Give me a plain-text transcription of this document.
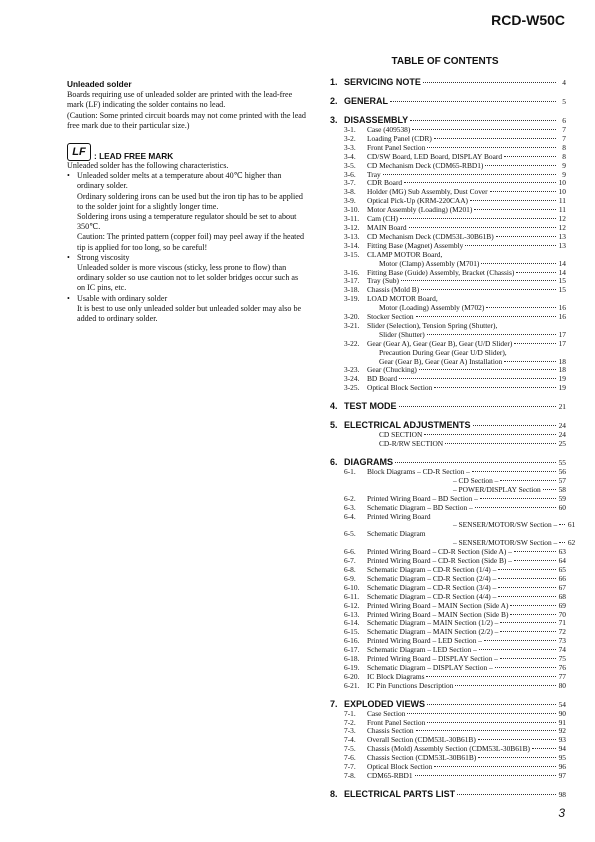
RCD-W50C
TABLE OF CONTENTS

Unleaded solder

Boards requiring use of unleaded solder are printed with the lead-free mark (LF) indicating the solder contains no lead.

(Caution: Some printed circuit boards may not come printed with the lead free mark due to their particular size.)

LF : LEAD FREE MARK

Unleaded solder has the following characteristics.

• Unleaded solder melts at a temperature about 40℃ higher than ordinary solder.

Ordinary soldering irons can be used but the iron tip has to be applied to the solder joint for a slightly longer time.

Soldering irons using a temperature regulator should be set to about 350℃.

Caution: The printed pattern (copper foil) may peel away if the heated tip is applied for too long, so be careful!

• Strong viscosity

Unleaded solder is more viscous (sticky, less prone to flow) than ordinary solder so use caution not to let solder bridges occur such as on IC pins, etc.

• Usable with ordinary solder

It is best to use only unleaded solder but unleaded solder may also be added to ordinary solder.

1. SERVICING NOTE	4
2. GENERAL	5
3. DISASSEMBLY	6
3-1.	Case (409538)	7
3-2.	Loading Panel (CDR)	7
3-3.	Front Panel Section	8
3-4.	CD/SW Board, LED Board, DISPLAY Board	8
3-5.	CD Mechanism Deck (CDM65-RBD1)	9
3-6.	Tray	9
3-7.	CDR Board	10
3-8.	Holder (MG) Sub Assembly, Dust Cover	10
3-9.	Optical Pick-Up (KRM-220CAA)	11
3-10.	Motor Assembly (Loading) (M201)	11
3-11.	Cam (CH)	12
3-12.	MAIN Board	12
3-13.	CD Mechanism Deck (CDM53L-30B61B)	13
3-14.	Fitting Base (Magnet) Assembly	13
3-15.	CLAMP MOTOR Board,
Motor (Clamp) Assembly (M701)	14
3-16.	Fitting Base (Guide) Assembly, Bracket (Chassis)	14
3-17.	Tray (Sub)	15
3-18.	Chassis (Mold B)	15
3-19.	LOAD MOTOR Board,
Motor (Loading) Assembly (M702)	16
3-20.	Stocker Section	16
3-21.	Slider (Selection), Tension Spring (Shutter),
Slider (Shutter)	17
3-22.	Gear (Gear A), Gear (Gear B), Gear (U/D Slider)	17
Precaution During Gear (Gear U/D Slider),
Gear (Gear B), Gear (Gear A) Installation	18
3-23.	Gear (Chucking)	18
3-24.	BD Board	19
3-25.	Optical Block Section	19
4. TEST MODE	21
5. ELECTRICAL ADJUSTMENTS	24
CD SECTION	24
CD-R/RW SECTION	25
6. DIAGRAMS	55
6-1.	Block Diagrams – CD-R Section –	56
– CD Section –	57
– POWER/DISPLAY Section 58
6-2.	Printed Wiring Board – BD Section –	59
6-3.	Schematic Diagram – BD Section –	60
6-4.	Printed Wiring Board
– SENSER/MOTOR/SW Section – 61
6-5.	Schematic Diagram
– SENSER/MOTOR/SW Section – 62
6-6.	Printed Wiring Board – CD-R Section (Side A) –	63
6-7.	Printed Wiring Board – CD-R Section (Side B) –	64
6-8.	Schematic Diagram – CD-R Section (1/4) –	65
6-9.	Schematic Diagram – CD-R Section (2/4) –	66
6-10.	Schematic Diagram – CD-R Section (3/4) –	67
6-11.	Schematic Diagram – CD-R Section (4/4) –	68
6-12.	Printed Wiring Board – MAIN Section (Side A)	69
6-13.	Printed Wiring Board – MAIN Section (Side B)	70
6-14.	Schematic Diagram – MAIN Section (1/2) –	71
6-15.	Schematic Diagram – MAIN Section (2/2) –	72
6-16.	Printed Wiring Board – LED Section –	73
6-17.	Schematic Diagram – LED Section –	74
6-18.	Printed Wiring Board – DISPLAY Section –	75
6-19.	Schematic Diagram – DISPLAY Section –	76
6-20.	IC Block Diagrams	77
6-21.	IC Pin Functions Description	80
7. EXPLODED VIEWS	54
7-1.	Case Section	90
7-2.	Front Panel Section	91
7-3.	Chassis Section	92
7-4.	Overall Section (CDM53L-30B61B)	93
7-5.	Chassis (Mold) Assembly Section (CDM53L-30B61B)	94
7-6.	Chassis Section (CDM53L-30B61B)	95
7-7.	Optical Block Section	96
7-8.	CDM65-RBD1	97
8. ELECTRICAL PARTS LIST	98
3
